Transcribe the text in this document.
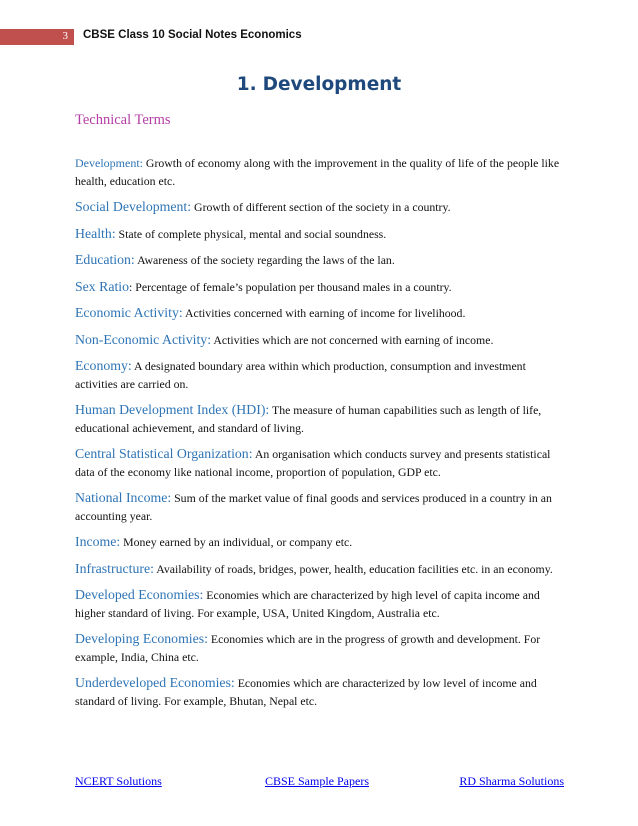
3 CBSE Class 10 Social Notes Economics
1. Development
Technical Terms

Development: Growth of economy along with the improvement in the quality of life of the people like health, education etc.

Social Development: Growth of different section of the society in a country.

Health: State of complete physical, mental and social soundness.

Education: Awareness of the society regarding the laws of the lan.

Sex Ratio: Percentage of female’s population per thousand males in a country.

Economic Activity: Activities concerned with earning of income for livelihood.

Non-Economic Activity: Activities which are not concerned with earning of income.

Economy: A designated boundary area within which production, consumption and investment activities are carried on.

Human Development Index (HDI): The measure of human capabilities such as length of life, educational achievement, and standard of living.

Central Statistical Organization: An organisation which conducts survey and presents statistical data of the economy like national income, proportion of population, GDP etc.

National Income: Sum of the market value of final goods and services produced in a country in an accounting year.

Income: Money earned by an individual, or company etc.

Infrastructure: Availability of roads, bridges, power, health, education facilities etc. in an economy.

Developed Economies: Economies which are characterized by high level of capita income and higher standard of living. For example, USA, United Kingdom, Australia etc.

Developing Economies: Economies which are in the progress of growth and development. For example, India, China etc.

Underdeveloped Economies: Economies which are characterized by low level of income and standard of living. For example, Bhutan, Nepal etc.

NCERT Solutions	CBSE Sample Papers	RD Sharma Solutions
